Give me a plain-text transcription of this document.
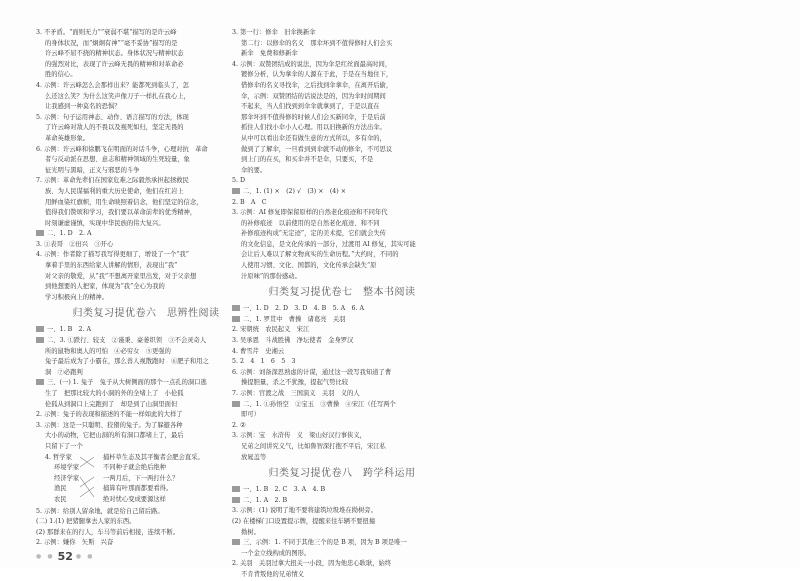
3. 不矛盾。“面则无力”“衰弱不堪”描写的是许云峰
的身体状况，而“炯炯有神”“毫不妥协”描写的是
许云峰不屈不挠的精神状态。身体状况与精神状态
的强烈对比，表现了许云峰无畏的精神和对革命必
胜的信心。
4. 示例：许云峰怎么会那样出来？能都死到临头了，怎
么还这么笑？为什么这笑声像刀子一样扎在我心上，
让我感到一种莫名的恐惧？
5. 示例：句子运用神态、动作、语言描写的方法，体现
了许云峰对敌人的不畏以及视死如归，坚定无畏的
革命英雄形象。
6. 示例：许云峰和徐鹏飞在明面的对话斗争，心理对抗　革命
者与反动派在思想、意志和精神领域的生死较量，象
征光明与黑暗，正义与邪恶的斗争
7. 示例：革命先辈们在国家危难之际毅然承担起拯救民
族、为人民谋福利的重大历史使命，他们在红岩上
用鲜血染红旗帜，用生命映照着信念，他们坚定的信念，
值得我们赞颂和学习，我们要以革命前辈的优秀精神，
时刻谦虚谨慎，实现中华民族的伟大复兴。
二、1. D　2. A
3. ①表哥　②田兴　③开心
4. 示例：作者除了描写我写得更细了，增设了一个“我”
拿着手里的东西给家人讲解的情形，表现出“我”
对父亲的敬爱，从“我”不想离开家里出发，对于父亲想
到他想要的人把家，体现为“我”全心为我的
学习积极向上的精神。
归类复习提优卷六　思辨性阅读
一、1. B　2. A
二、3. ①跌行、较支　②谨秉、豪萎织领　③不会灵奇人
所的鼠物和奥人的可怕　④必穷女　⑤更强的
兔子最后成为了小霸在，那么兽人视散跑时　⑥肥子和用之
洞　⑦必跑判
三、(一) 1. 兔子　兔子从大树侧面的那个一点孔的洞口逃
生了　把那比较大的小洞的外的全堵上了　小伦狐
伦狐从到洞口上完跑到了　却是到了山洞里面但
2. 示例：兔子的表现和描述的不能一样如此的大样了
3. 示例：这是一只聪明、狡猾的兔子。为了躲避各种
大小的动物，它把山洞的所有洞口都堵上了，最后
只留下了一个
4. 哲学家
环境学家
经济学家
渔民
农民
捕杯草生态及其平衡者会肥会直采。
不同种子就会绝后绝种
一两月后，下一两打什么？
捕算有叶那面都要看得。
绝对忧心变成要源这样
5. 示例：给别人留余地，就是给自己留后路。
(二) 1.(1) 把猪腿拿去人家的东西。
(2) 那群来在的行人，车马等前后相接，连续不断。
2. 示例：嫌你　矢斯　兴奋
3. 第一行：修伞　旧伞换新伞
第二行：以修伞的名义　那伞坏到不值得修时人们会买
新伞　免费和修新伞
4. 示例：双赞团结成的说法，因为伞是红丝面最高时间，
镀修分析，认为拿伞的人源在于此，于是在当地住下，
借修伞的名义寻找伞，之后找到伞拿伞，在离开后偷，
伞，示例：双赞团结的话说法是的，因为伞时间期间
不起来，当人们找到到伞伞就拿到了，于是以直在
那伞坏到不值得修的时候人们会买新同伞，于是后前
抓住人们找小伞小人心理。用以旧换新的方法出伞。
从中可以看出伞还有做生意的方式所以，多有伞的，
做到了了解伞，一旦看到到伞就不动的修伞，不可思议
到上门的在买，和买伞并不是伞，只要买，不是
伞的要。
5. D
二、1. (1) ×　(2) √　(3) ×　(4) ×
2. B　A　C
3. 示例：AI 修复即保留原样的自然老化痕迹和不同年代
的补修痕迹　以前使用的是自然老化痕迹、和不同
补修痕迹构成“无定迹”，定的美术提，它们就会失传
的文化信息，是文化传承的一部分，过渡用 AI 修复，其实可能
会让后人难以了解文物真实的生命历程。”大约时，不同的
人使用习惯、文化、国都的，文化传承会缺失“原
汁原味”的那份感动。
归类复习提优卷七　整本书阅读
一、1. D　2. D　3. D　4. B　5. A　6. A
二、1. 罗贯中　曹操　诸葛亮　关羽
2. 宋朝统　农民起义　宋江
3. 吴承恩　斗战胜佛　净坛使者　金身罗汉
4. 曹雪芹　史湘云
5. 2　4　1　6　5　3
6. 示例：刘备深思熟虑的计谋，通过这一段写我知道了曹
操提胆量，杀之不犹豫，提起气势比较
7. 示例：官渡之战　三国演义　关羽　义的人
二、1. ①孙悟空　②宝玉　③曹操　④宋江（任写两个
即可）
2. ②
3. 示例：宝　水浒传　义　梁山好汉行事侠义，
兄弟之间讲究义气，比如鲁智深打抱不平后，宋江私
放晁盖等
归类复习提优卷八　跨学科运用
一、1. B　2. C　3. A　4. B
二、1. A　2. B
3. 示例：(1) 说明了地不要将建筑垃圾堆在拗树旁。
(2) 在楼梯门口设置提示牌，提醒来往车辆不要扭撞
拗树。
三、示例：1. 不同于其他三个的是 B 项，因为 B 项是唯一
一个金立线构成的图形。
2. 关羽　关羽过拿大扭关一小段，因为他忠心耿耿，始终
不肯背叛他的兄弟情义
● ● 52 ● ●
